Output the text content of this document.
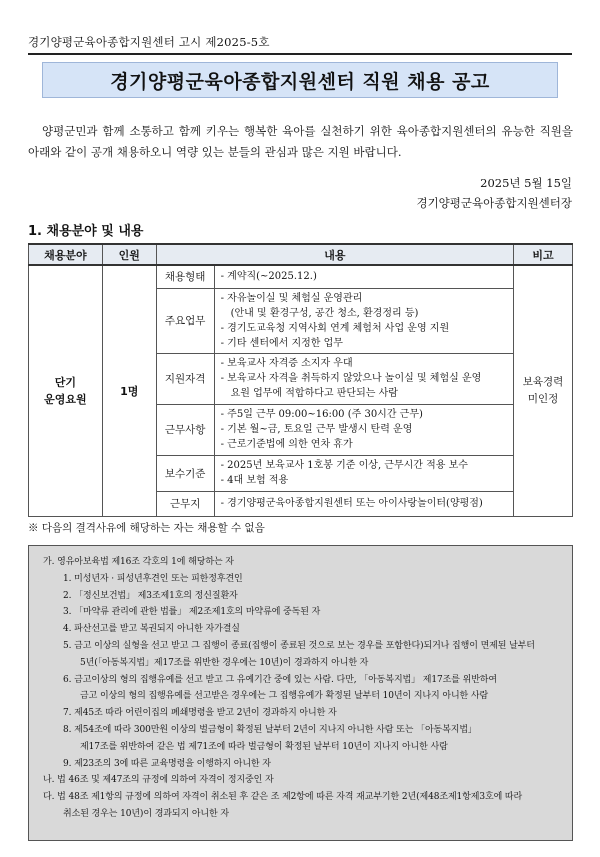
경기양평군육아종합지원센터 고시 제2025-5호
경기양평군육아종합지원센터 직원 채용 공고

양평군민과 함께 소통하고 함께 키우는 행복한 육아를 실천하기 위한 육아종합지원센터의 유능한 직원을 아래와 같이 공개 채용하오니 역량 있는 분들의 관심과 많은 지원 바랍니다.

2025년 5월 15일
경기양평군육아종합지원센터장
1. 채용분야 및 내용
채용분야	인원	내용		비고
단기
운영요원	1명	채용형태	- 계약직(~2025.12.)	보육경력
미인정
		주요업무	- 자유놀이실 및 체험실 운영관리
(안내 및 환경구성, 공간 청소, 환경정리 등)
- 경기도교육청 지역사회 연계 체험처 사업 운영 지원
- 기타 센터에서 지정한 업무	

		지원자격	- 보육교사 자격증 소지자 우대
- 보육교사 자격을 취득하지 않았으나 놀이실 및 체험실 운영
요원 업무에 적합하다고 판단되는 사람	

		근무사항	- 주5일 근무 09:00~16:00 (주 30시간 근무)
- 기본 월~금, 토요일 근무 발생시 탄력 운영
- 근로기준법에 의한 연차 휴가	

		보수기준	- 2025년 보육교사 1호봉 기준 이상, 근무시간 적용 보수
- 4대 보험 적용	

		근무지	- 경기양평군육아종합지원센터 또는 아이사랑놀이터(양평점)	
※ 다음의 결격사유에 해당하는 자는 채용할 수 없음
가. 영유아보육법 제16조 각호의 1에 해당하는 자
1. 미성년자 · 피성년후견인 또는 피한정후견인
2. 「정신보건법」 제3조제1호의 정신질환자
3. 「마약류 관리에 관한 법률」 제2조제1호의 마약류에 중독된 자
4. 파산선고를 받고 복권되지 아니한 자가결실
5. 금고 이상의 실형을 선고 받고 그 집행이 종료(집행이 종료된 것으로 보는 경우를 포함한다)되거나 집행이 면제된 날부터
5년(「아동복지법」제17조를 위반한 경우에는 10년)이 경과하지 아니한 자
6. 금고이상의 형의 집행유예를 선고 받고 그 유예기간 중에 있는 사람. 다만, 「아동복지법」 제17조를 위반하여
금고 이상의 형의 집행유예를 선고받은 경우에는 그 집행유예가 확정된 날부터 10년이 지나지 아니한 사람
7. 제45조 따라 어린이집의 폐쇄명령을 받고 2년이 경과하지 아니한 자
8. 제54조에 따라 300만원 이상의 벌금형이 확정된 날부터 2년이 지나지 아니한 사람 또는 「아동복지법」
제17조를 위반하여 같은 법 제71조에 따라 벌금형이 확정된 날부터 10년이 지나지 아니한 사람
9. 제23조의 3에 따른 교육명령을 이행하지 아니한 자
나. 법 46조 및 제47조의 규정에 의하여 자격이 정지중인 자
다. 법 48조 제1항의 규정에 의하여 자격이 취소된 후 같은 조 제2항에 따른 자격 재교부기한 2년(제48조제1항제3호에 따라
취소된 경우는 10년)이 경과되지 아니한 자
